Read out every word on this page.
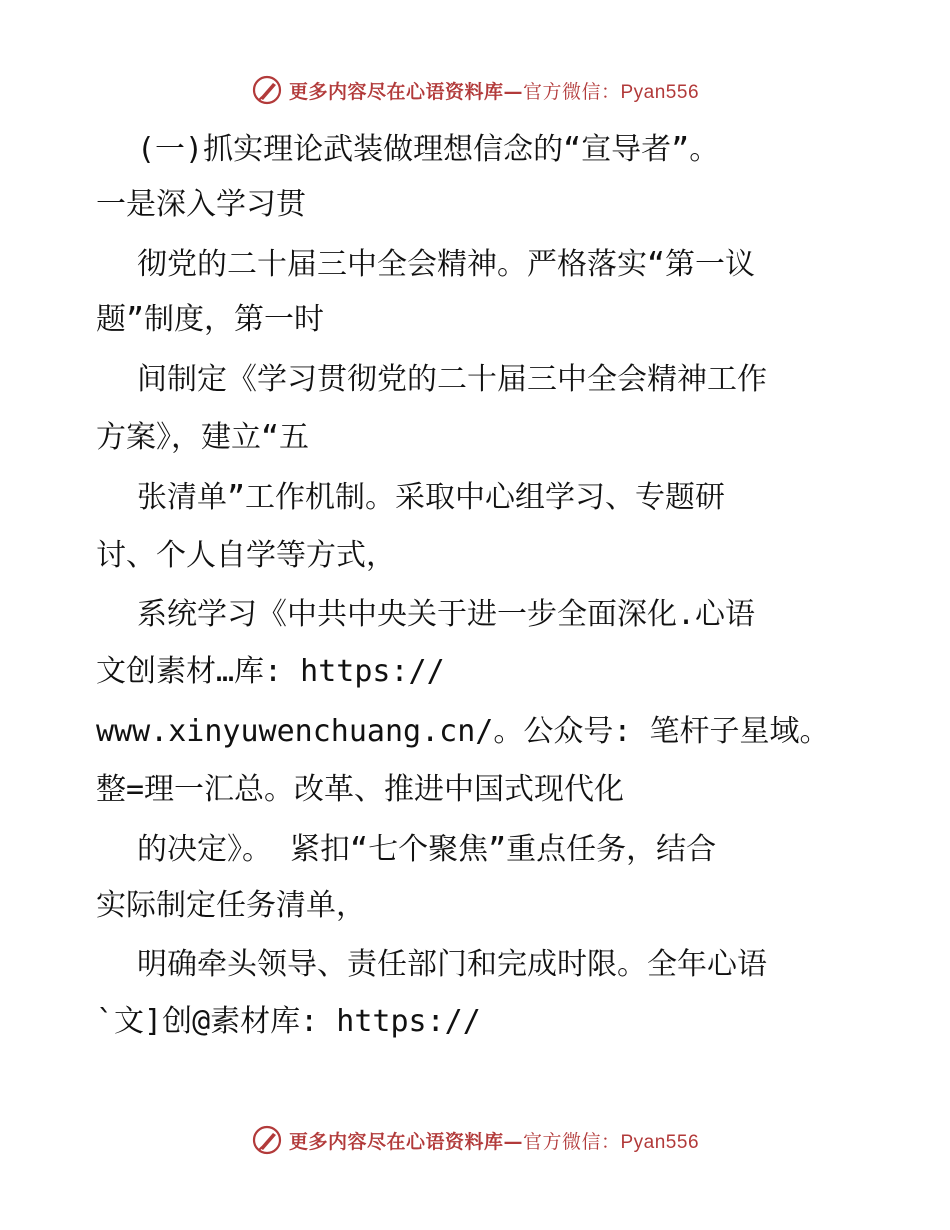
更多内容尽在心语资料库—官方微信：Pyan556
(一)抓实理论武装做理想信念的“宣导者”。
一是深入学习贯
彻党的二十届三中全会精神。严格落实“第一议
题”制度，第一时
间制定《学习贯彻党的二十届三中全会精神工作
方案》，建立“五
张清单”工作机制。采取中心组学习、专题研
讨、个人自学等方式，
系统学习《中共中央关于进一步全面深化.心语
文创素材…库: https://
www.xinyuwenchuang.cn/。公众号: 笔杆子星域。
整=理一汇总。改革、推进中国式现代化
的决定》。 紧扣“七个聚焦”重点任务，结合
实际制定任务清单，
明确牵头领导、责任部门和完成时限。全年心语
`文]创@素材库: https://
更多内容尽在心语资料库—官方微信：Pyan556
